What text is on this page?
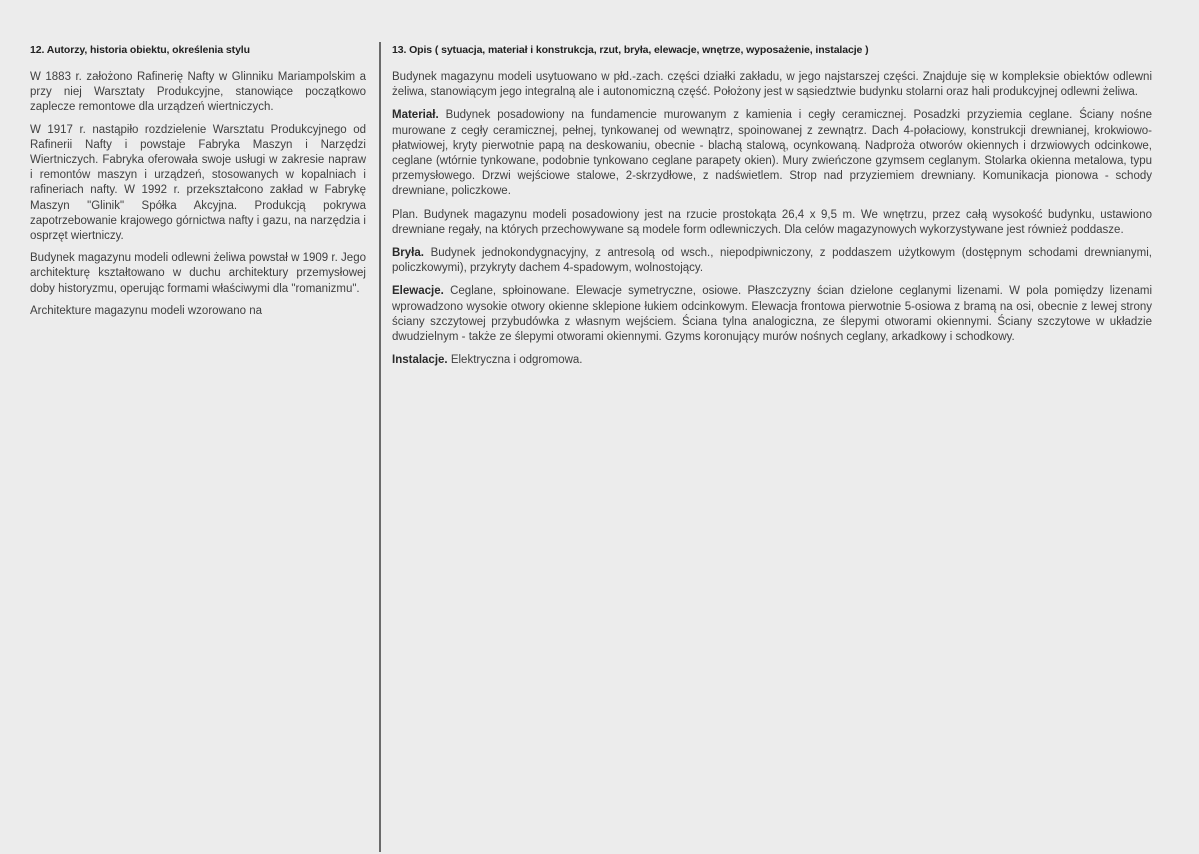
12. Autorzy, historia obiektu, określenia stylu

W 1883 r. założono Rafinerię Nafty w Glinniku Mariampolskim a przy niej Warsztaty Produkcyjne, stanowiące początkowo zaplecze remontowe dla urządzeń wiertniczych.

W 1917 r. nastąpiło rozdzielenie Warsztatu Produkcyjnego od Rafinerii Nafty i powstaje Fabryka Maszyn i Narzędzi Wiertniczych. Fabryka oferowała swoje usługi w zakresie napraw i remontów maszyn i urządzeń, stosowanych w kopalniach i rafineriach nafty. W 1992 r. przekształcono zakład w Fabrykę Maszyn "Glinik" Spółka Akcyjna. Produkcją pokrywa zapotrzebowanie krajowego górnictwa nafty i gazu, na narzędzia i osprzęt wiertniczy.

Budynek magazynu modeli odlewni żeliwa powstał w 1909 r. Jego architekturę kształtowano w duchu architektury przemysłowej doby historyzmu, operując formami właściwymi dla "romanizmu".

Architekture magazynu modeli wzorowano na

13. Opis ( sytuacja, materiał i konstrukcja, rzut, bryła, elewacje, wnętrze, wyposażenie, instalacje )

Budynek magazynu modeli usytuowano w płd.-zach. części działki zakładu, w jego najstarszej części. Znajduje się w kompleksie obiektów odlewni żeliwa, stanowiącym jego integralną ale i autonomiczną część. Położony jest w sąsiedztwie budynku stolarni oraz hali produkcyjnej odlewni żeliwa.

Materiał. Budynek posadowiony na fundamencie murowanym z kamienia i cegły ceramicznej. Posadzki przyziemia ceglane. Ściany nośne murowane z cegły ceramicznej, pełnej, tynkowanej od wewnątrz, spoinowanej z zewnątrz. Dach 4-połaciowy, konstrukcji drewnianej, krokwiowo-płatwiowej, kryty pierwotnie papą na deskowaniu, obecnie - blachą stalową, ocynkowaną. Nadproża otworów okiennych i drzwiowych odcinkowe, ceglane (wtórnie tynkowane, podobnie tynkowano ceglane parapety okien). Mury zwieńczone gzymsem ceglanym. Stolarka okienna metalowa, typu przemysłowego. Drzwi wejściowe stalowe, 2-skrzydłowe, z nadświetlem. Strop nad przyziemiem drewniany. Komunikacja pionowa - schody drewniane, policzkowe.

Plan. Budynek magazynu modeli posadowiony jest na rzucie prostokąta 26,4 x 9,5 m. We wnętrzu, przez całą wysokość budynku, ustawiono drewniane regały, na których przechowywane są modele form odlewniczych. Dla celów magazynowych wykorzystywane jest również poddasze.

Bryła. Budynek jednokondygnacyjny, z antresolą od wsch., niepodpiwniczony, z poddaszem użytkowym (dostępnym schodami drewnianymi, policzkowymi), przykryty dachem 4-spadowym, wolnostojący.

Elewacje. Ceglane, spłoinowane. Elewacje symetryczne, osiowe. Płaszczyzny ścian dzielone ceglanymi lizenami. W pola pomiędzy lizenami wprowadzono wysokie otwory okienne sklepione łukiem odcinkowym. Elewacja frontowa pierwotnie 5-osiowa z bramą na osi, obecnie z lewej strony ściany szczytowej przybudówka z własnym wejściem. Ściana tylna analogiczna, ze ślepymi otworami okiennymi. Ściany szczytowe w układzie dwudzielnym - także ze ślepymi otworami okiennymi. Gzyms koronujący murów nośnych ceglany, arkadkowy i schodkowy.

Instalacje. Elektryczna i odgromowa.
